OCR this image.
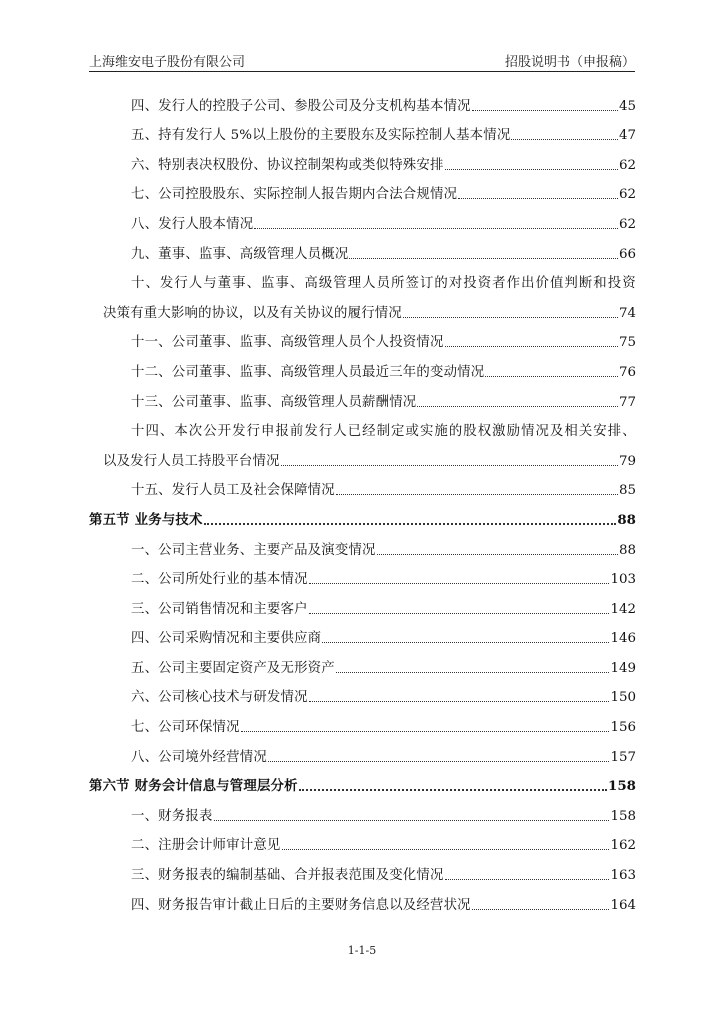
上海维安电子股份有限公司	招股说明书（申报稿）
四、发行人的控股子公司、参股公司及分支机构基本情况	45
五、持有发行人 5%以上股份的主要股东及实际控制人基本情况	47
六、特别表决权股份、协议控制架构或类似特殊安排	62
七、公司控股股东、实际控制人报告期内合法合规情况	62
八、发行人股本情况	62
九、董事、监事、高级管理人员概况	66
十、发行人与董事、监事、高级管理人员所签订的对投资者作出价值判断和投资
决策有重大影响的协议，以及有关协议的履行情况	74
十一、公司董事、监事、高级管理人员个人投资情况	75
十二、公司董事、监事、高级管理人员最近三年的变动情况	76
十三、公司董事、监事、高级管理人员薪酬情况	77
十四、本次公开发行申报前发行人已经制定或实施的股权激励情况及相关安排、
以及发行人员工持股平台情况	79
十五、发行人员工及社会保障情况	85
第五节 业务与技术	88
一、公司主营业务、主要产品及演变情况	88
二、公司所处行业的基本情况	103
三、公司销售情况和主要客户	142
四、公司采购情况和主要供应商	146
五、公司主要固定资产及无形资产	149
六、公司核心技术与研发情况	150
七、公司环保情况	156
八、公司境外经营情况	157
第六节 财务会计信息与管理层分析	158
一、财务报表	158
二、注册会计师审计意见	162
三、财务报表的编制基础、合并报表范围及变化情况	163
四、财务报告审计截止日后的主要财务信息以及经营状况	164
1-1-5
